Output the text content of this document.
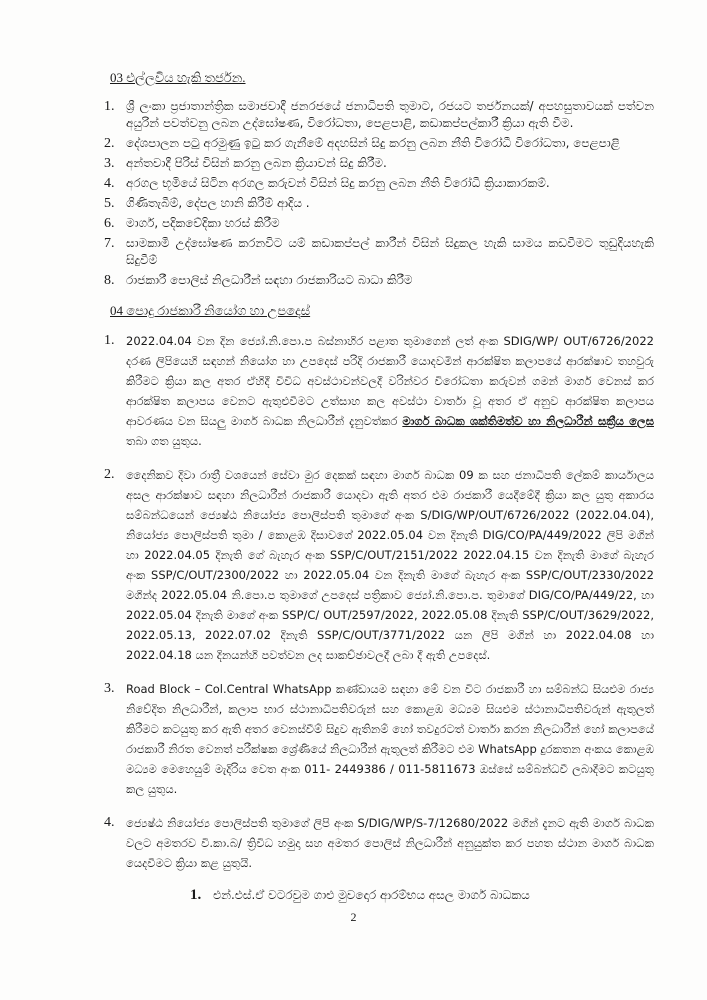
03 එල්ලවිය හැකි තර්ජන.
1. ශ්‍රී ලංකා ප්‍රජාතාන්ත්‍රික සමාජවාදී ජනරජයේ ජනාධිපති තුමාට, රජයට තර්ජනයක්/ අපහසුතාවයක් පත්වන අයුරින් පවත්වනු ලබන උද්ඝෝෂණ, විරෝධතා, පෙළපාළි, කඩාකප්පල්කාරී ක්‍රියා ඇති වීම.
2. දේශපාලන පටු අරමුණු ඉටු කර ගැනීමේ අදහසින් සිදු කරනු ලබන නීති විරෝධී විරෝධතා, පෙළපාළි
3. අන්තවාදී පිරිස් විසින් කරනු ලබන ක්‍රියාවන් සිදු කිරීම.
4. අරගල භූමියේ සිටින අරගල කරුවන් විසින් සිදු කරනු ලබන නීති විරෝධී ක්‍රියාකාරකම්.
5. ගිණිතැබීම්, දේපල හානි කිරීම් ආදිය .
6. මාර්ග, පදිකවේදිකා හරස් කිරීම
7. සාමකාමී උද්ඝෝෂණ කරනවිට යම් කඩාකප්පල් කාරීන් විසින් සිදුකල හැකි සාමය කඩවීමට තුඩුදියහැකි සිදුවීම්
8. රාජකාරී පොලිස් නිලධාරීන් සඳහා රාජකාරියට බාධා කිරීම
04 පොදු රාජකාරී නියෝග හා උපදෙස්
1. 2022.04.04 වන දින ජ්‍යෝ.නි.පො.ප බස්නාහිර පළාත තුමාගෙන් ලත් අංක SDIG/WP/ OUT/6726/2022 දරණ ලිපියෙහි සඳහන් නියෝග හා උපදෙස් පරිදි රාජකාරී යොදවමින් ආරක්ෂිත කලාපයේ ආරක්ෂාව තහවුරු කිරීමට ක්‍රියා කල අතර ඒහිදී විවිධ අවස්ථාවන්වලදී වරින්වර විරෝධතා කරුවන් ගමන් මාර්ග වෙනස් කර ආරක්ෂිත කලාපය වෙනට ඇතුළුවීමට උත්සාහ කල අවස්ථා වාර්තා වූ අතර ඒ අනුව ආරක්ෂිත කලාපය ආවරණය වන සියලු මාර්ග බාධක නිලධාරීන් දැනුවත්කර මාර්ග බාධක ශක්තිමත්ව හා නිලධාරීන් සක්‍රීය ලෙස තබා ගත යුතුය.
2. දෛනිකව දිවා රාත්‍රී වශයෙන් සේවා මුර දෙකක් සඳහා මාර්ග බාධක 09 ක සහ ජනාධිපති ලේකම් කාර්යාලය අසල ආරක්ෂාව සඳහා නිලධාරීන් රාජකාරී යොදවා ඇති අතර එම රාජකාරී යෙදීමේදී ක්‍රියා කල යුතු අකාරය සම්බන්ධයෙන් ජ්‍යෙෂ්ඨ නියෝජ්‍ය පොලිස්පති තුමාගේ අංක S/DIG/WP/OUT/6726/2022 (2022.04.04), නියෝජ්‍ය පොලිස්පති තුමා / කොළඹ දිසාවගේ 2022.05.04 වන දිනැති DIG/CO/PA/449/2022 ලිපි මගින් හා 2022.04.05 දිනැති ගේ බැහැර අංක SSP/C/OUT/2151/2022 2022.04.15 වන දිනැති මාගේ බැහැර අංක SSP/C/OUT/2300/2022 හා 2022.05.04 වන දිනැති මාගේ බැහැර අංක SSP/C/OUT/2330/2022 මගින්ද 2022.05.04 නි.පො.ප තුමාගේ උපදෙස් පත්‍රිකාව ජ්‍යෝ.නි.පො.ප. තුමාගේ DIG/CO/PA/449/22, හා 2022.05.04 දිනැති මාගේ අංක SSP/C/ OUT/2597/2022, 2022.05.08 දිනැති SSP/C/OUT/3629/2022, 2022.05.13, 2022.07.02 දිනැති SSP/C/OUT/3771/2022 යන ලිපි මගින් හා 2022.04.08 හා 2022.04.18 යන දිනයන්හි පවත්වන ලද සාකච්ඡාවලදී ලබා දී ඇති උපදෙස්.
3. Road Block – Col.Central WhatsApp කණ්ඩායම සඳහා මේ වන විට රාජකාරී හා සම්බන්ධ සියළුම රාජ්‍ය නිවේදිත නිලධාරීන්, කලාප භාර ස්ථානාධිපතිවරුන් සහ කොළඹ මධ්‍යම සියළුම ස්ථානාධිපතිවරුන් ඇතුලත් කිරීමට කටයුතු කර ඇති අතර වෙනස්වීම් සිදුව ඇතිනම් හෝ තවදුරටත් වාර්තා කරන නිලධාරීන් හෝ කලාපයේ රාජකාරී නිරත වෙනත් පරීක්ෂක ශ්‍රේණියේ නිලධාරීන් ඇතුලත් කිරීමට එම WhatsApp දුරකතන අංකය කොළඹ මධ්‍යම මෙහෙයුම් මැදිරිය වෙත අංක 011- 2449386 / 011-5811673 ඔස්සේ සම්බන්ධවී ලබාදීමට කටයුතු කල යුතුය.
4. ජ්‍යෙෂ්ඨ නියෝජ්‍ය පොලිස්පති තුමාගේ ලිපි අංක S/DIG/WP/S-7/12680/2022 මගින් දැනට ඇති මාර්ග බාධක වලට අමතරව වි.කා.බ/ ත්‍රිවිධ හමුදා සහ අමතර පොලිස් නිලධාරීන් අනුයුක්ත කර පහත ස්ථාන මාර්ග බාධක යෙදවීමට ක්‍රියා කළ යුතුයි.
1. එන්.එස්.ඒ වටරවුම ගාළු මුවදොර ආරම්භය අසල මාර්ග බාධකය
2
